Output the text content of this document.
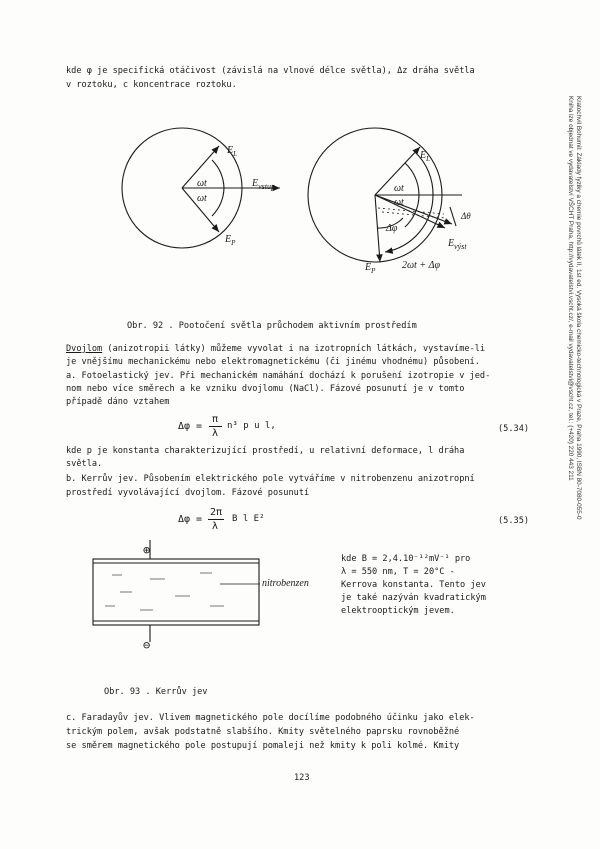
Kratochvil Bohumil: Základy fyziky a chemie povrchů látek II, 1st ed. Vysoká škola chemicko-technologická v Praze, Praha 1990, ISBN 80-7080-055-0
Kniha lze objednat ve vydavatelství VŠCHT Praha, http://vydavatelstvi.vscht.cz/, e-mail vydavatelstvi@vscht.cz, tel.: (+420) 220 443 211
kde φ je specifická otáčivost (závislá na vlnové délce světla), Δz dráha světla
v roztoku, c koncentrace roztoku.
$E_L$
$E_{vstup}$
$E_P$
ωt
ωt
$E_L$
ωt
ωt
Δφ
Δθ
$E_{výst}$
$E_P$	2ωt + Δφ
Obr. 92 . Pootočení světla průchodem aktivním prostředím
Dvojlom (anizotropii látky) můžeme vyvolat i na izotropních látkách, vystavíme-li
je vnějšímu mechanickému nebo elektromagnetickému (či jinému vhodnému) působení.
a. Fotoelastický jev. Při mechanickém namáhání dochází k porušení izotropie v jed-
nom nebo více směrech a ke vzniku dvojlomu (NaCl). Fázové posunutí je v tomto
případě dáno vztahem
Δφ =
π
λ
n³ p u l,	(5.34)
kde p je konstanta charakterizující prostředí, u relativní deformace, l dráha
světla.
b. Kerrův jev. Působením elektrického pole vytváříme v nitrobenzenu anizotropní
prostředí vyvolávající dvojlom. Fázové posunutí
Δφ =
2π
λ
B l E²	(5.35)
⊕
⊖
nitrobenzen
kde B = 2,4.10⁻¹²mV⁻¹ pro
λ = 550 nm, T = 20°C -
Kerrova konstanta. Tento jev
je také nazýván kvadratickým
elektrooptickým jevem.
Obr. 93 . Kerrův jev
c. Faradayův jev. Vlivem magnetického pole docílíme podobného účinku jako elek-
trickým polem, avšak podstatně slabšího. Kmity světelného paprsku rovnoběžné
se směrem magnetického pole postupují pomaleji než kmity k poli kolmé. Kmity
123
